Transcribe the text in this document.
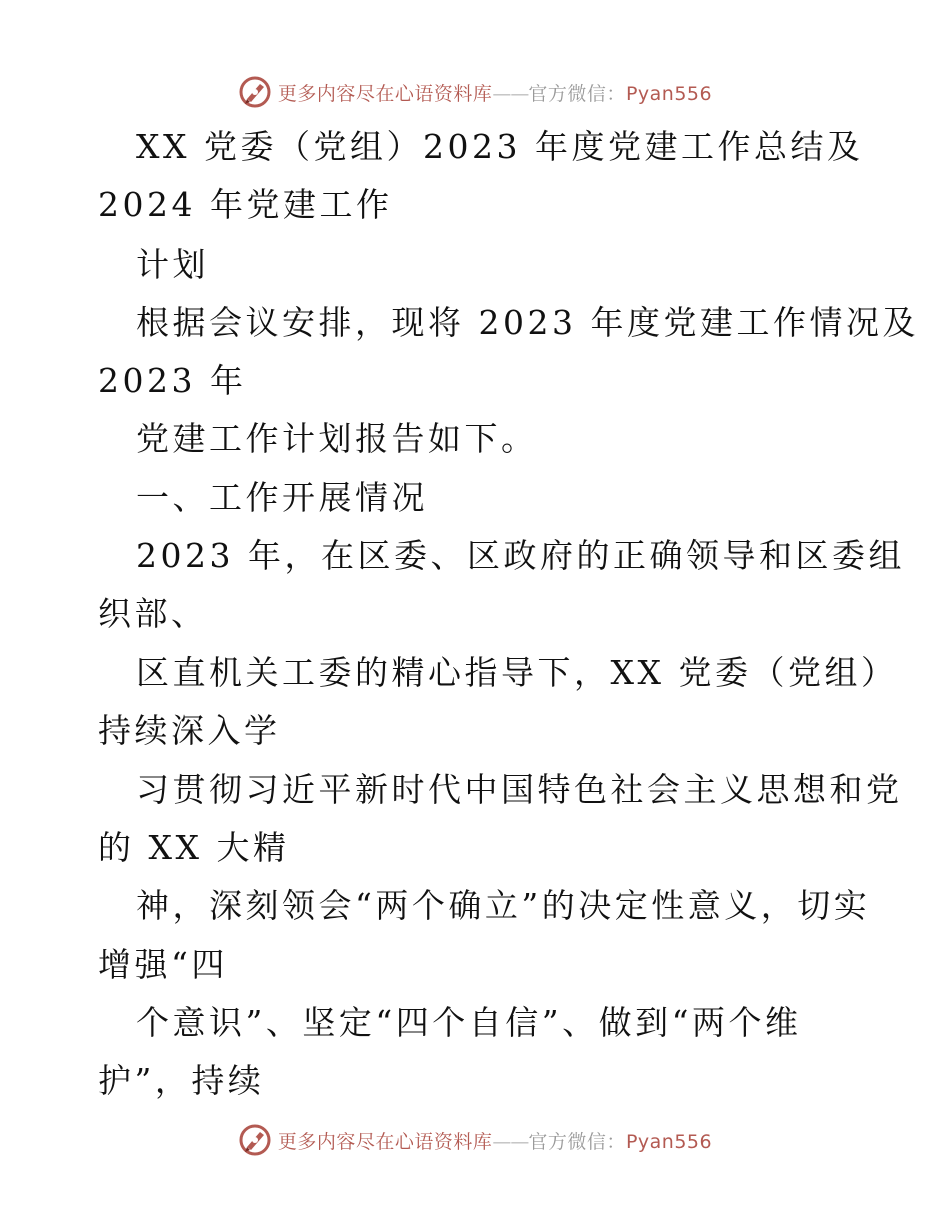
更多内容尽在心语资料库——官方微信：Pyan556
XX 党委（党组）2023 年度党建工作总结及
2024 年党建工作
计划
根据会议安排，现将 2023 年度党建工作情况及
2023 年
党建工作计划报告如下。
一、工作开展情况
2023 年，在区委、区政府的正确领导和区委组
织部、
区直机关工委的精心指导下，XX 党委（党组）
持续深入学
习贯彻习近平新时代中国特色社会主义思想和党
的 XX 大精
神，深刻领会“两个确立”的决定性意义，切实
增强“四
个意识”、坚定“四个自信”、做到“两个维
护”，持续
更多内容尽在心语资料库——官方微信：Pyan556
